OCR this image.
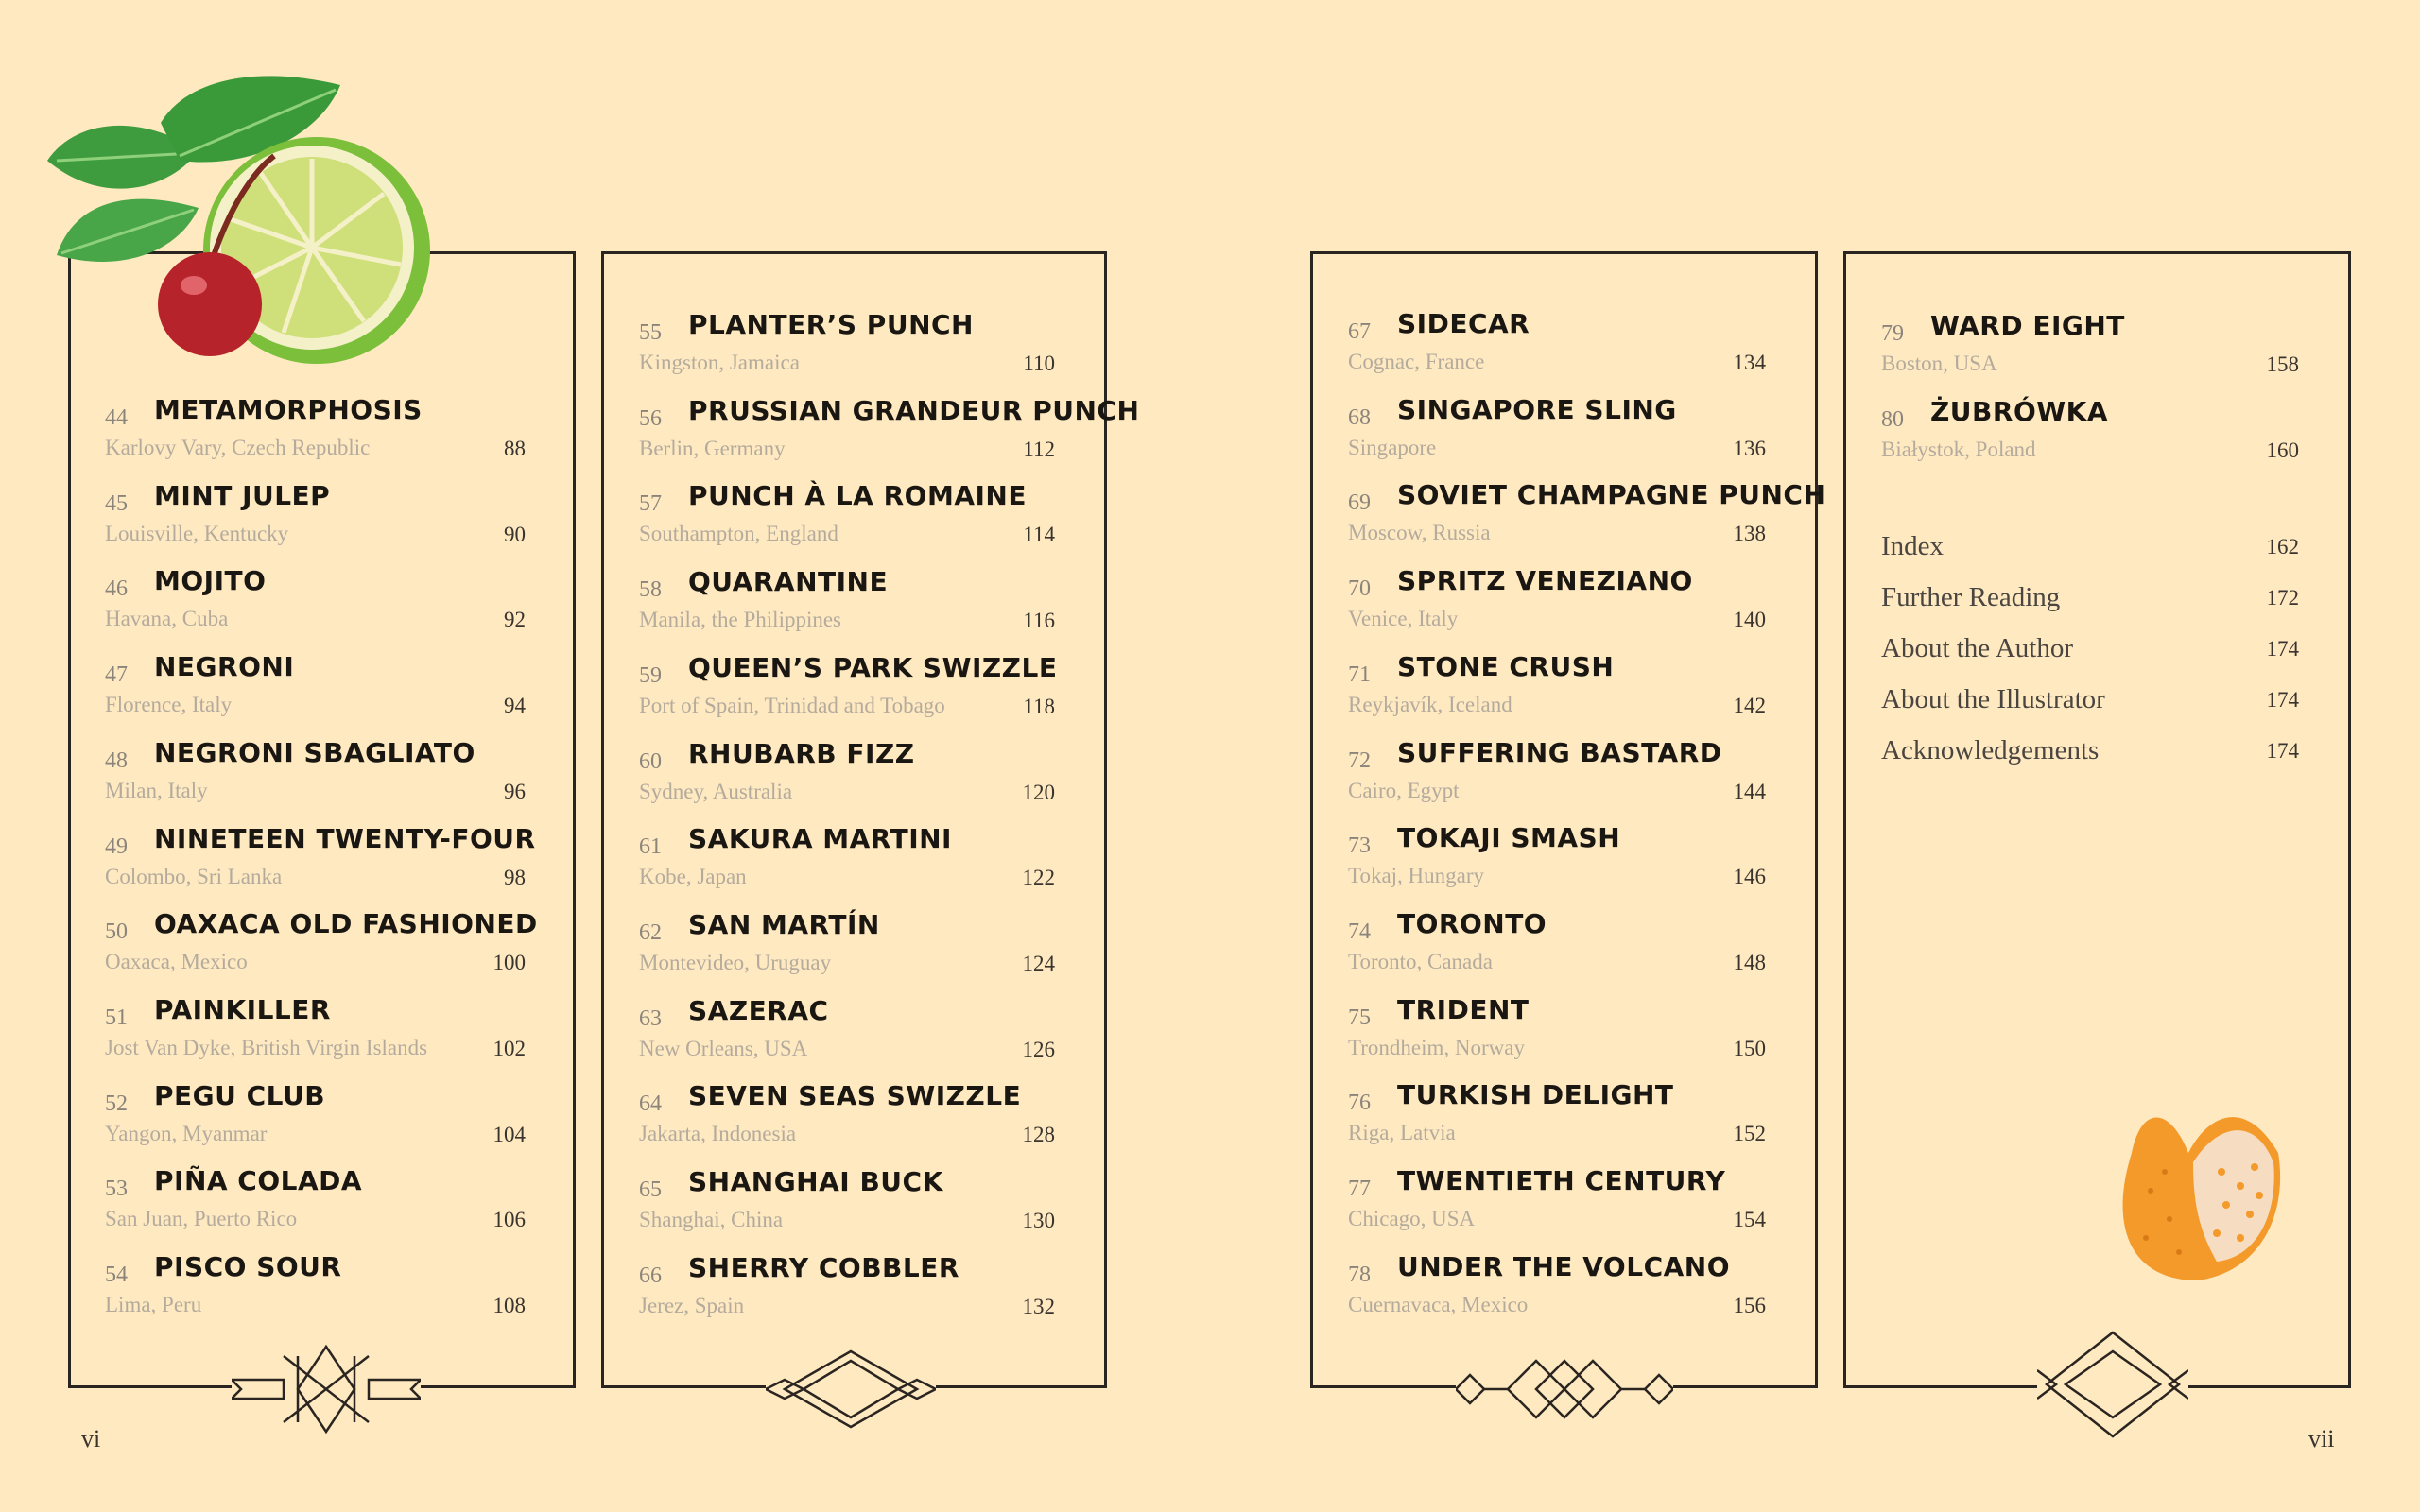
44 METAMORPHOSIS
Karlovy Vary, Czech Republic	88
45 MINT JULEP
Louisville, Kentucky	90
46 MOJITO
Havana, Cuba	92
47 NEGRONI
Florence, Italy	94
48 NEGRONI SBAGLIATO
Milan, Italy	96
49 NINETEEN TWENTY-FOUR
Colombo, Sri Lanka	98
50 OAXACA OLD FASHIONED
Oaxaca, Mexico	100
51 PAINKILLER
Jost Van Dyke, British Virgin Islands	102
52 PEGU CLUB
Yangon, Myanmar	104
53 PIÑA COLADA
San Juan, Puerto Rico	106
54 PISCO SOUR
Lima, Peru	108
55 PLANTER’S PUNCH
Kingston, Jamaica	110
56 PRUSSIAN GRANDEUR PUNCH
Berlin, Germany	112
57 PUNCH À LA ROMAINE
Southampton, England	114
58 QUARANTINE
Manila, the Philippines	116
59 QUEEN’S PARK SWIZZLE
Port of Spain, Trinidad and Tobago	118
60 RHUBARB FIZZ
Sydney, Australia	120
61 SAKURA MARTINI
Kobe, Japan	122
62 SAN MARTÍN
Montevideo, Uruguay	124
63 SAZERAC
New Orleans, USA	126
64 SEVEN SEAS SWIZZLE
Jakarta, Indonesia	128
65 SHANGHAI BUCK
Shanghai, China	130
66 SHERRY COBBLER
Jerez, Spain	132
67 SIDECAR
Cognac, France	134
68 SINGAPORE SLING
Singapore	136
69 SOVIET CHAMPAGNE PUNCH
Moscow, Russia	138
70 SPRITZ VENEZIANO
Venice, Italy	140
71 STONE CRUSH
Reykjavík, Iceland	142
72 SUFFERING BASTARD
Cairo, Egypt	144
73 TOKAJI SMASH
Tokaj, Hungary	146
74 TORONTO
Toronto, Canada	148
75 TRIDENT
Trondheim, Norway	150
76 TURKISH DELIGHT
Riga, Latvia	152
77 TWENTIETH CENTURY
Chicago, USA	154
78 UNDER THE VOLCANO
Cuernavaca, Mexico	156
79 WARD EIGHT
Boston, USA	158
80 ŻUBRÓWKA
Białystok, Poland	160
Index	162
Further Reading	172
About the Author	174
About the Illustrator	174
Acknowledgements	174
vi	vii
